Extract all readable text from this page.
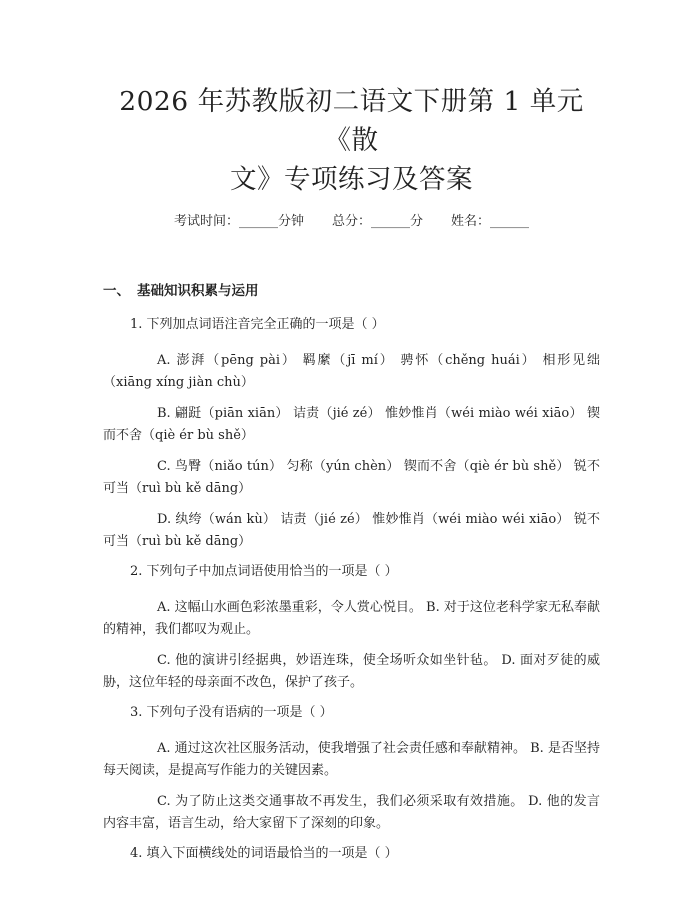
2026 年苏教版初二语文下册第 1 单元《散
文》专项练习及答案
考试时间：______分钟 总分：______分 姓名：______
一、 基础知识积累与运用
1. 下列加点词语注音完全正确的一项是（ ）
A. 澎湃（pēng pài） 羁縻（jī mí） 骋怀（chěng huái） 相形见绌（xiāng xíng jiàn chù）
B. 翩跹（piān xiān） 诘责（jié zé） 惟妙惟肖（wéi miào wéi xiāo） 锲而不舍（qiè ér bù shě）
C. 鸟臀（niǎo tún） 匀称（yún chèn） 锲而不舍（qiè ér bù shě） 锐不可当（ruì bù kě dāng）
D. 纨绔（wán kù） 诘责（jié zé） 惟妙惟肖（wéi miào wéi xiāo） 锐不可当（ruì bù kě dāng）
2. 下列句子中加点词语使用恰当的一项是（ ）
A. 这幅山水画色彩浓墨重彩，令人赏心悦目。 B. 对于这位老科学家无私奉献的精神，我们都叹为观止。
C. 他的演讲引经据典，妙语连珠，使全场听众如坐针毡。 D. 面对歹徒的威胁，这位年轻的母亲面不改色，保护了孩子。
3. 下列句子没有语病的一项是（ ）
A. 通过这次社区服务活动，使我增强了社会责任感和奉献精神。 B. 是否坚持每天阅读，是提高写作能力的关键因素。
C. 为了防止这类交通事故不再发生，我们必须采取有效措施。 D. 他的发言内容丰富，语言生动，给大家留下了深刻的印象。
4. 填入下面横线处的词语最恰当的一项是（ ）
